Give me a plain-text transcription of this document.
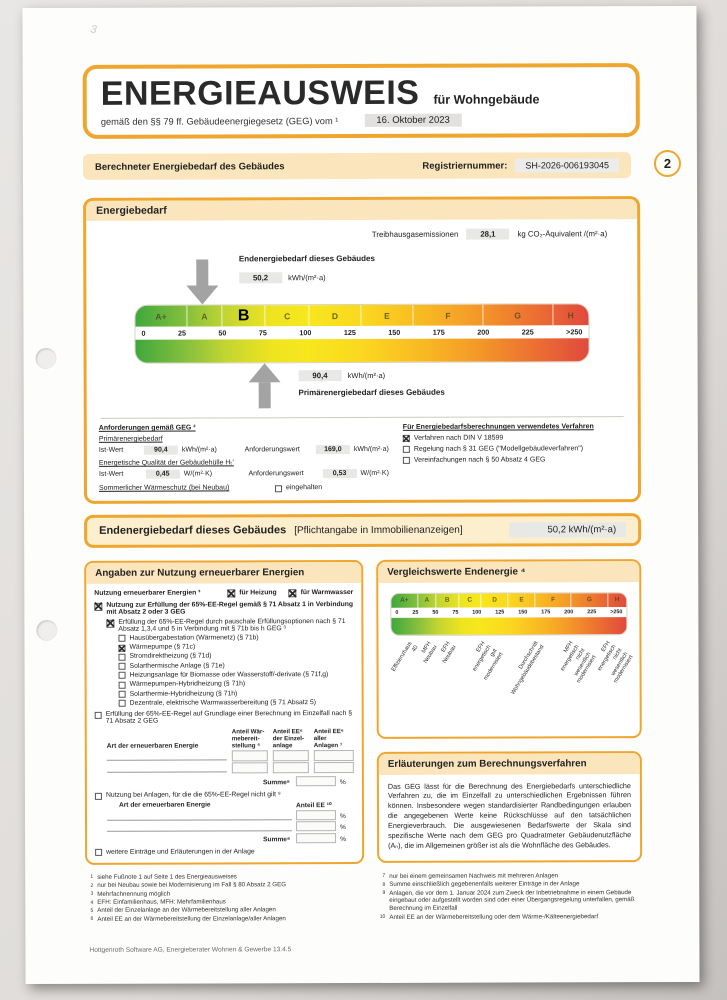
3
ENERGIEAUSWEIS für Wohngebäude
gemäß den §§ 79 ff. Gebäudeenergiegesetz (GEG) vom ¹	16. Oktober 2023
Berechneter Energiebedarf des Gebäudes	Registriernummer:	SH-2026-006193045	2
Energiebedarf
Treibhausgasemissionen	28,1	kg CO₂-Äquivalent /(m²·a)
Endenergiebedarf dieses Gebäudes
50,2	kWh/(m²·a)
A+	A	B	C	D	E	F	G	H
0	25	50	75	100	125	150	175	200	225	>250
90,4	kWh/(m²·a)
Primärenergiebedarf dieses Gebäudes
Anforderungen gemäß GEG ²
Primärenergiebedarf
Ist-Wert	90,4	kWh/(m²·a)	Anforderungswert	169,0	kWh/(m²·a)
Energetische Qualität der Gebäudehülle Hₜ'
Ist-Wert	0,45	W/(m²·K)	Anforderungswert	0,53	W/(m²·K)
Sommerlicher Wärmeschutz (bei Neubau)	eingehalten
Für Energiebedarfsberechnungen verwendetes Verfahren
✕
Verfahren nach DIN V 18599
Regelung nach § 31 GEG ("Modellgebäudeverfahren")
Vereinfachungen nach § 50 Absatz 4 GEG
Endenergiebedarf dieses Gebäudes [Pflichtangabe in Immobilienanzeigen]	50,2 kWh/(m²·a)
Angaben zur Nutzung erneuerbarer Energien
Nutzung erneuerbarer Energien ³ ✕	für Heizung ✕	für Warmwasser
✕
Nutzung zur Erfüllung der 65%-EE-Regel gemäß § 71 Absatz 1 in Verbindung mit Absatz 2 oder 3 GEG
✕
Erfüllung der 65%-EE-Regel durch pauschale Erfüllungsoptionen nach § 71 Absatz 1,3,4 und 5 in Verbindung mit § 71b bis h GEG ³
Hausübergabestation (Wärmenetz) (§ 71b)
✕
Wärmepumpe (§ 71c)
Stromdirektheizung (§ 71d)
Solarthermische Anlage (§ 71e)
Heizungsanlage für Biomasse oder Wasserstoff/-derivate (§ 71f,g)
Wärmepumpen-Hybridheizung (§ 71h)
Solarthermie-Hybridheizung (§ 71h)
Dezentrale, elektrische Warmwasserbereitung (§ 71 Absatz 5)
Erfüllung der 65%-EE-Regel auf Grundlage einer Berechnung im Einzelfall nach § 71 Absatz 2 GEG
Art der erneuerbaren Energie
Anteil Wär-
mebereit-
stellung ⁵
Anteil EE⁶
der Einzel-
anlage
Anteil EE⁶
aller
Anlagen ⁷
Summe⁸	%
Nutzung bei Anlagen, für die die 65%-EE-Regel nicht gilt ⁹
Art der erneuerbaren Energie	Anteil EE ¹⁰
%
%
Summe⁸	%
weitere Einträge und Erläuterungen in der Anlage
Vergleichswerte Endenergie ⁴
A+	A	B	C	D	E	F	G	H
0	25	50	75	100	125	150	175	200	225	>250
Effizienzhaus 40 MFH Neubau EFH Neubau	EFH energetisch
gut modernisiert	Durchschnitt
Wohngebäudebestand	MFH energetisch nicht
wesentlich modernisiert
EFH energetisch nicht
wesentlich modernisiert
Erläuterungen zum Berechnungsverfahren
Das GEG lässt für die Berechnung des Energiebedarfs unterschiedliche Verfahren zu, die im Einzelfall zu unterschiedlichen Ergebnissen führen können. Insbesondere wegen standardisierter Randbedingungen erlauben die angegebenen Werte keine Rückschlüsse auf den tatsächlichen Energieverbrauch. Die ausgewiesenen Bedarfswerte der Skala sind spezifische Werte nach dem GEG pro Quadratmeter Gebäudenutzfläche (Aₙ), die im Allgemeinen größer ist als die Wohnfläche des Gebäudes.
1 siehe Fußnote 1 auf Seite 1 des Energieausweises
2 nur bei Neubau sowie bei Modernisierung im Fall § 80 Absatz 2 GEG
3 Mehrfachnennung möglich
4 EFH: Einfamilienhaus, MFH: Mehrfamilienhaus
5 Anteil der Einzelanlage an der Wärmebereitstellung aller Anlagen
6 Anteil EE an der Wärmebereitstellung der Einzelanlage/aller Anlagen
7 nur bei einem gemeinsamen Nachweis mit mehreren Anlagen
8 Summe einschließlich gegebenenfalls weiterer Einträge in der Anlage
9 Anlagen, die vor dem 1. Januar 2024 zum Zweck der Inbetriebnahme in einem Gebäude eingebaut oder aufgestellt worden sind oder einer Übergangsregelung unterfallen, gemäß Berechnung im Einzelfall
10 Anteil EE an der Wärmebereitstellung oder dem Wärme-/Kälteenergiebedarf
Hottgenroth Software AG, Energieberater Wohnen & Gewerbe 13.4.5
